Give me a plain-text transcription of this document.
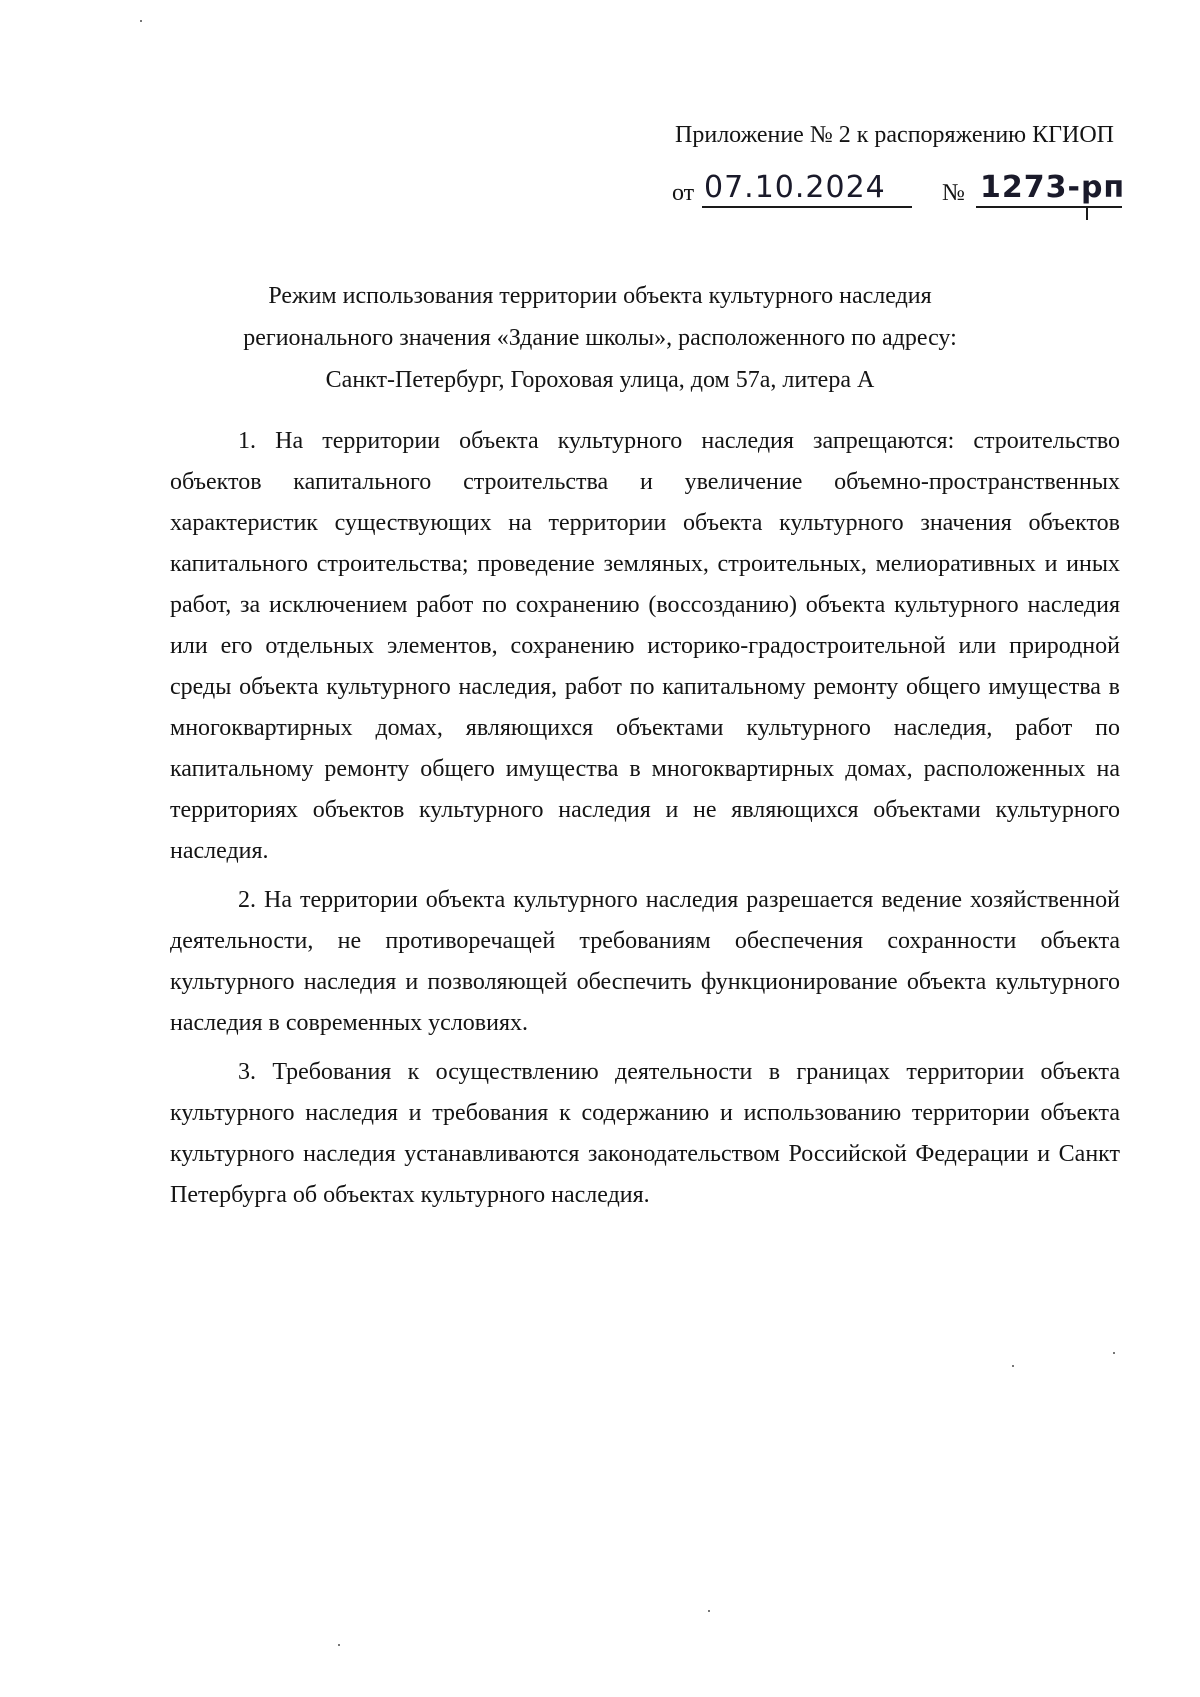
Приложение № 2 к распоряжению КГИОП
от 07.10.2024 № 1273-рп
Режим использования территории объекта культурного наследия
регионального значения «Здание школы», расположенного по адресу:
Санкт-Петербург, Гороховая улица, дом 57а, литера А

1. На территории объекта культурного наследия запрещаются: строительство объектов капитального строительства и увеличение объемно-пространственных характеристик существующих на территории объекта культурного значения объектов капитального строительства; проведение земляных, строительных, мелиоративных и иных работ, за исключением работ по сохранению (воссозданию) объекта культурного наследия или его отдельных элементов, сохранению историко-градостроительной или природной среды объекта культурного наследия, работ по капитальному ремонту общего имущества в многоквартирных домах, являющихся объектами культурного наследия, работ по капитальному ремонту общего имущества в многоквартирных домах, расположенных на территориях объектов культурного наследия и не являющихся объектами культурного наследия.

2. На территории объекта культурного наследия разрешается ведение хозяйственной деятельности, не противоречащей требованиям обеспечения сохранности объекта культурного наследия и позволяющей обеспечить функционирование объекта культурного наследия в современных условиях.

3. Требования к осуществлению деятельности в границах территории объекта культурного наследия и требования к содержанию и использованию территории объекта культурного наследия устанавливаются законодательством Российской Федерации и Санкт Петербурга об объектах культурного наследия.
